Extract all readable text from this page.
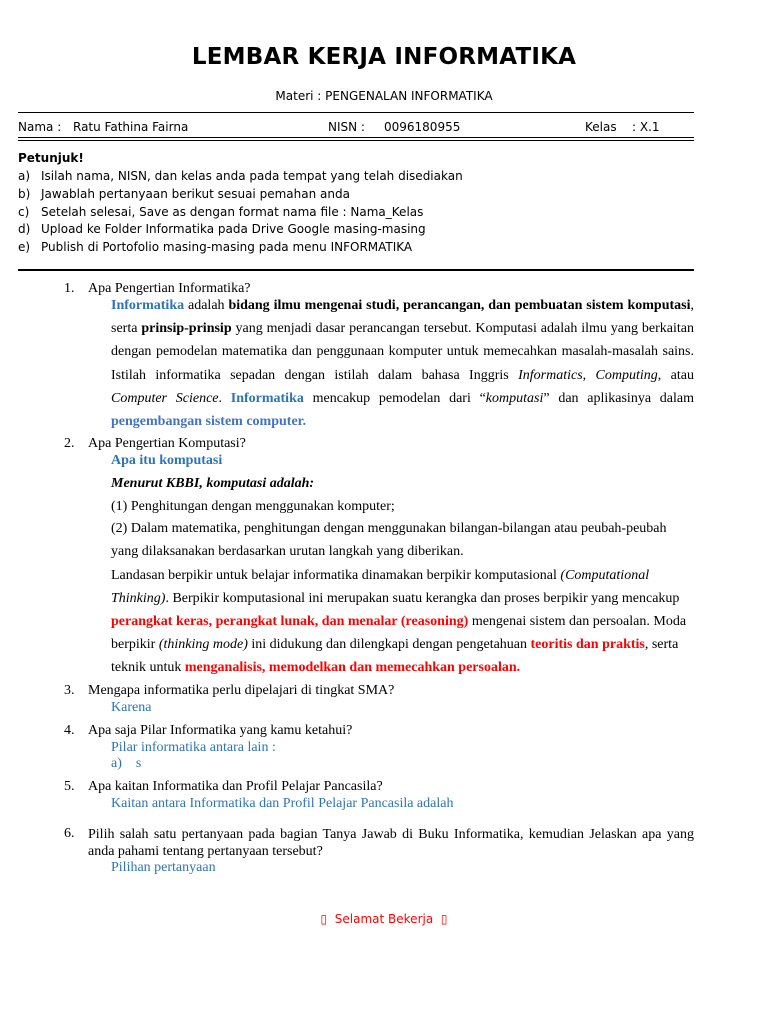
LEMBAR KERJA INFORMATIKA
Materi : PENGENALAN INFORMATIKA
Nama : Ratu Fathina Fairna	NISN : 0096180955	Kelas : X.1
Petunjuk!
a) Isilah nama, NISN, dan kelas anda pada tempat yang telah disediakan
b) Jawablah pertanyaan berikut sesuai pemahan anda
c) Setelah selesai, Save as dengan format nama file : Nama_Kelas
d) Upload ke Folder Informatika pada Drive Google masing-masing
e) Publish di Portofolio masing-masing pada menu INFORMATIKA
1. Apa Pengertian Informatika?
Informatika adalah bidang ilmu mengenai studi, perancangan, dan pembuatan sistem komputasi, serta prinsip-prinsip yang menjadi dasar perancangan tersebut. Komputasi adalah ilmu yang berkaitan dengan pemodelan matematika dan penggunaan komputer untuk memecahkan masalah-masalah sains. Istilah informatika sepadan dengan istilah dalam bahasa Inggris Informatics, Computing, atau Computer Science. Informatika mencakup pemodelan dari “komputasi” dan aplikasinya dalam pengembangan sistem computer.
2. Apa Pengertian Komputasi?
Apa itu komputasi
Menurut KBBI, komputasi adalah:
(1) Penghitungan dengan menggunakan komputer;
(2) Dalam matematika, penghitungan dengan menggunakan bilangan-bilangan atau peubah-peubah yang dilaksanakan berdasarkan urutan langkah yang diberikan.
Landasan berpikir untuk belajar informatika dinamakan berpikir komputasional (Computational Thinking). Berpikir komputasional ini merupakan suatu kerangka dan proses berpikir yang mencakup perangkat keras, perangkat lunak, dan menalar (reasoning) mengenai sistem dan persoalan. Moda berpikir (thinking mode) ini didukung dan dilengkapi dengan pengetahuan teoritis dan praktis, serta teknik untuk menganalisis, memodelkan dan memecahkan persoalan.
3. Mengapa informatika perlu dipelajari di tingkat SMA?
Karena
4. Apa saja Pilar Informatika yang kamu ketahui?
Pilar informatika antara lain :
a)    s
5. Apa kaitan Informatika dan Profil Pelajar Pancasila?
Kaitan antara Informatika dan Profil Pelajar Pancasila adalah
6. Pilih salah satu pertanyaan pada bagian Tanya Jawab di Buku Informatika, kemudian Jelaskan apa yang anda pahami tentang pertanyaan tersebut?
Pilihan pertanyaan
▯ Selamat Bekerja ▯
